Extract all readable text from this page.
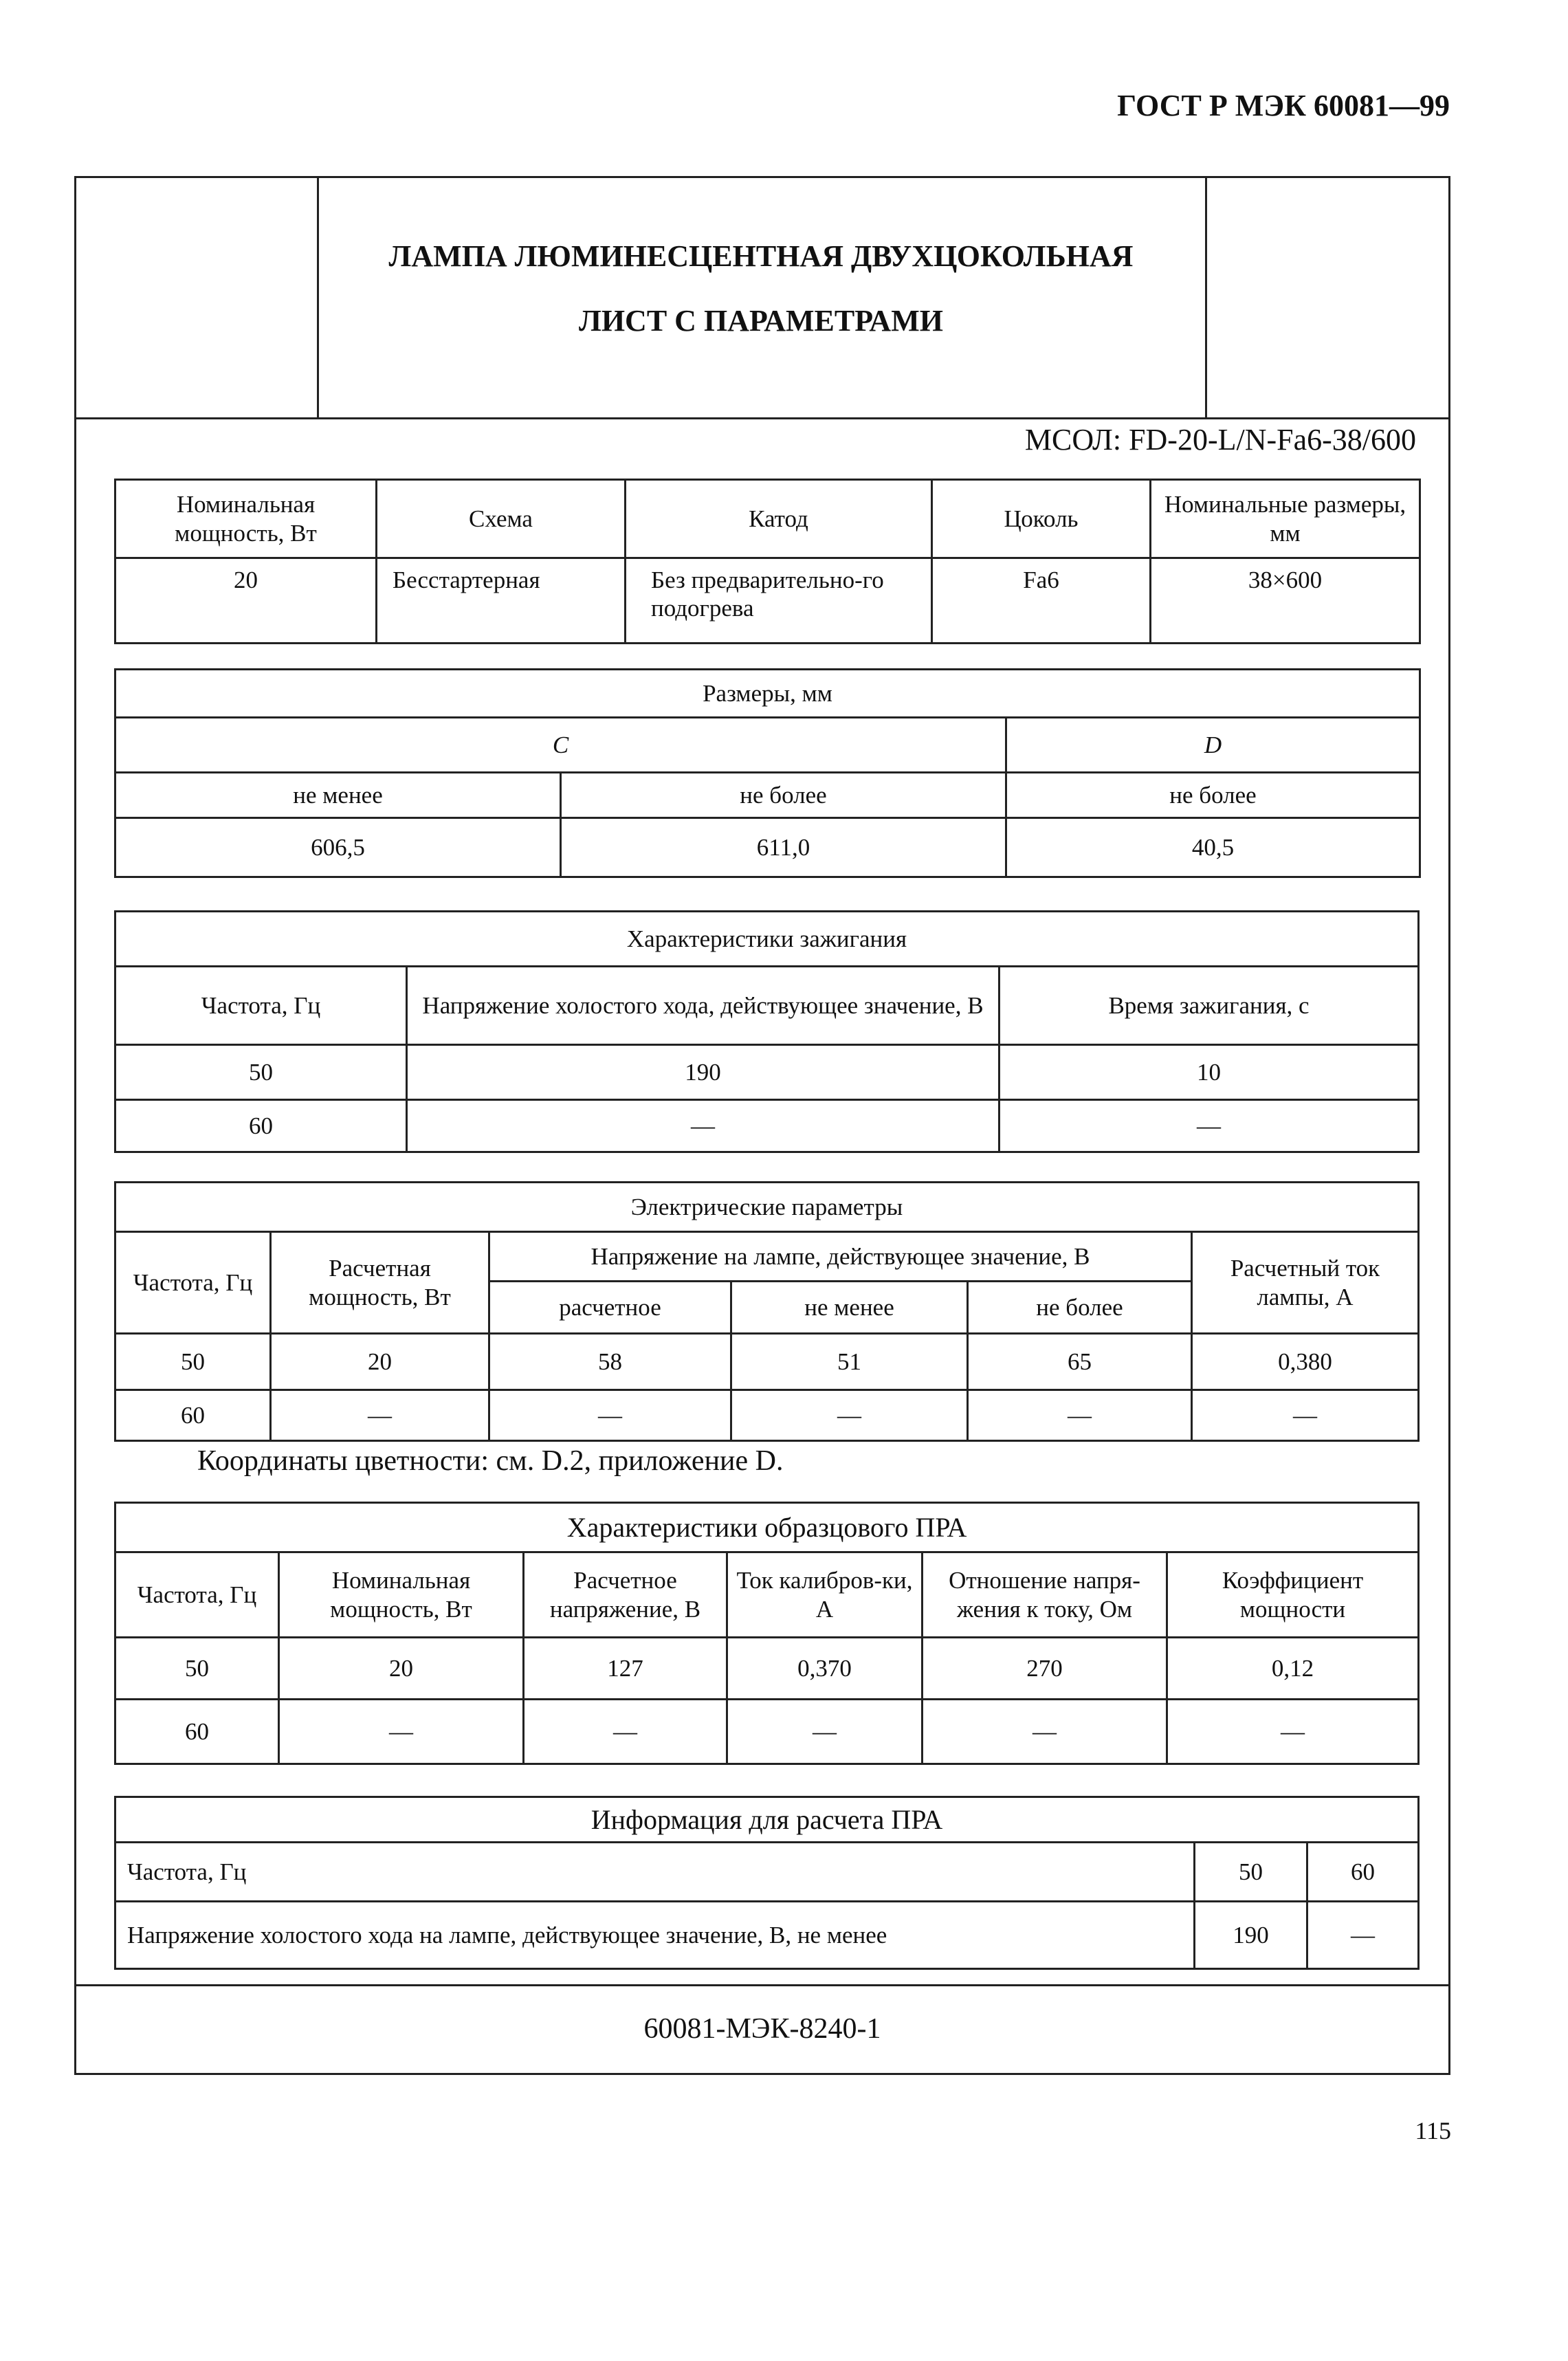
ГОСТ Р МЭК 60081—99
ЛАМПА ЛЮМИНЕСЦЕНТНАЯ ДВУХЦОКОЛЬНАЯ
ЛИСТ С ПАРАМЕТРАМИ
60081-МЭК-8240-1
МСОЛ: FD-20-L/N-Fa6-38/600
Номинальная мощность, Вт	Схема	Катод	Цоколь	Номинальные размеры, мм
20	Бесстартерная	Без предварительно-го подогрева	Fa6	38×600
Размеры, мм		
C		D
не менее	не более	не более
606,5	611,0	40,5
Характеристики зажигания		
Частота, Гц	Напряжение холостого хода, действующее значение, В	Время зажигания, с
50	190	10
60	—	—
Электрические параметры					
Частота, Гц	Расчетная мощность, Вт	Напряжение на лампе, действующее значение, В			Расчетный ток лампы, А
		расчетное	не менее	не более	
50	20	58	51	65	0,380
60	—	—	—	—	—
Координаты цветности: см. D.2, приложение D.
Характеристики образцового ПРА					
Частота, Гц	Номинальная мощность, Вт	Расчетное напряжение, В	Ток калибров-ки, А	Отношение напря-жения к току, Ом	Коэффициент мощности
50	20	127	0,370	270	0,12
60	—	—	—	—	—
Информация для расчета ПРА		
Частота, Гц	50	60
Напряжение холостого хода на лампе, действующее значение, В, не менее	190	—
115
